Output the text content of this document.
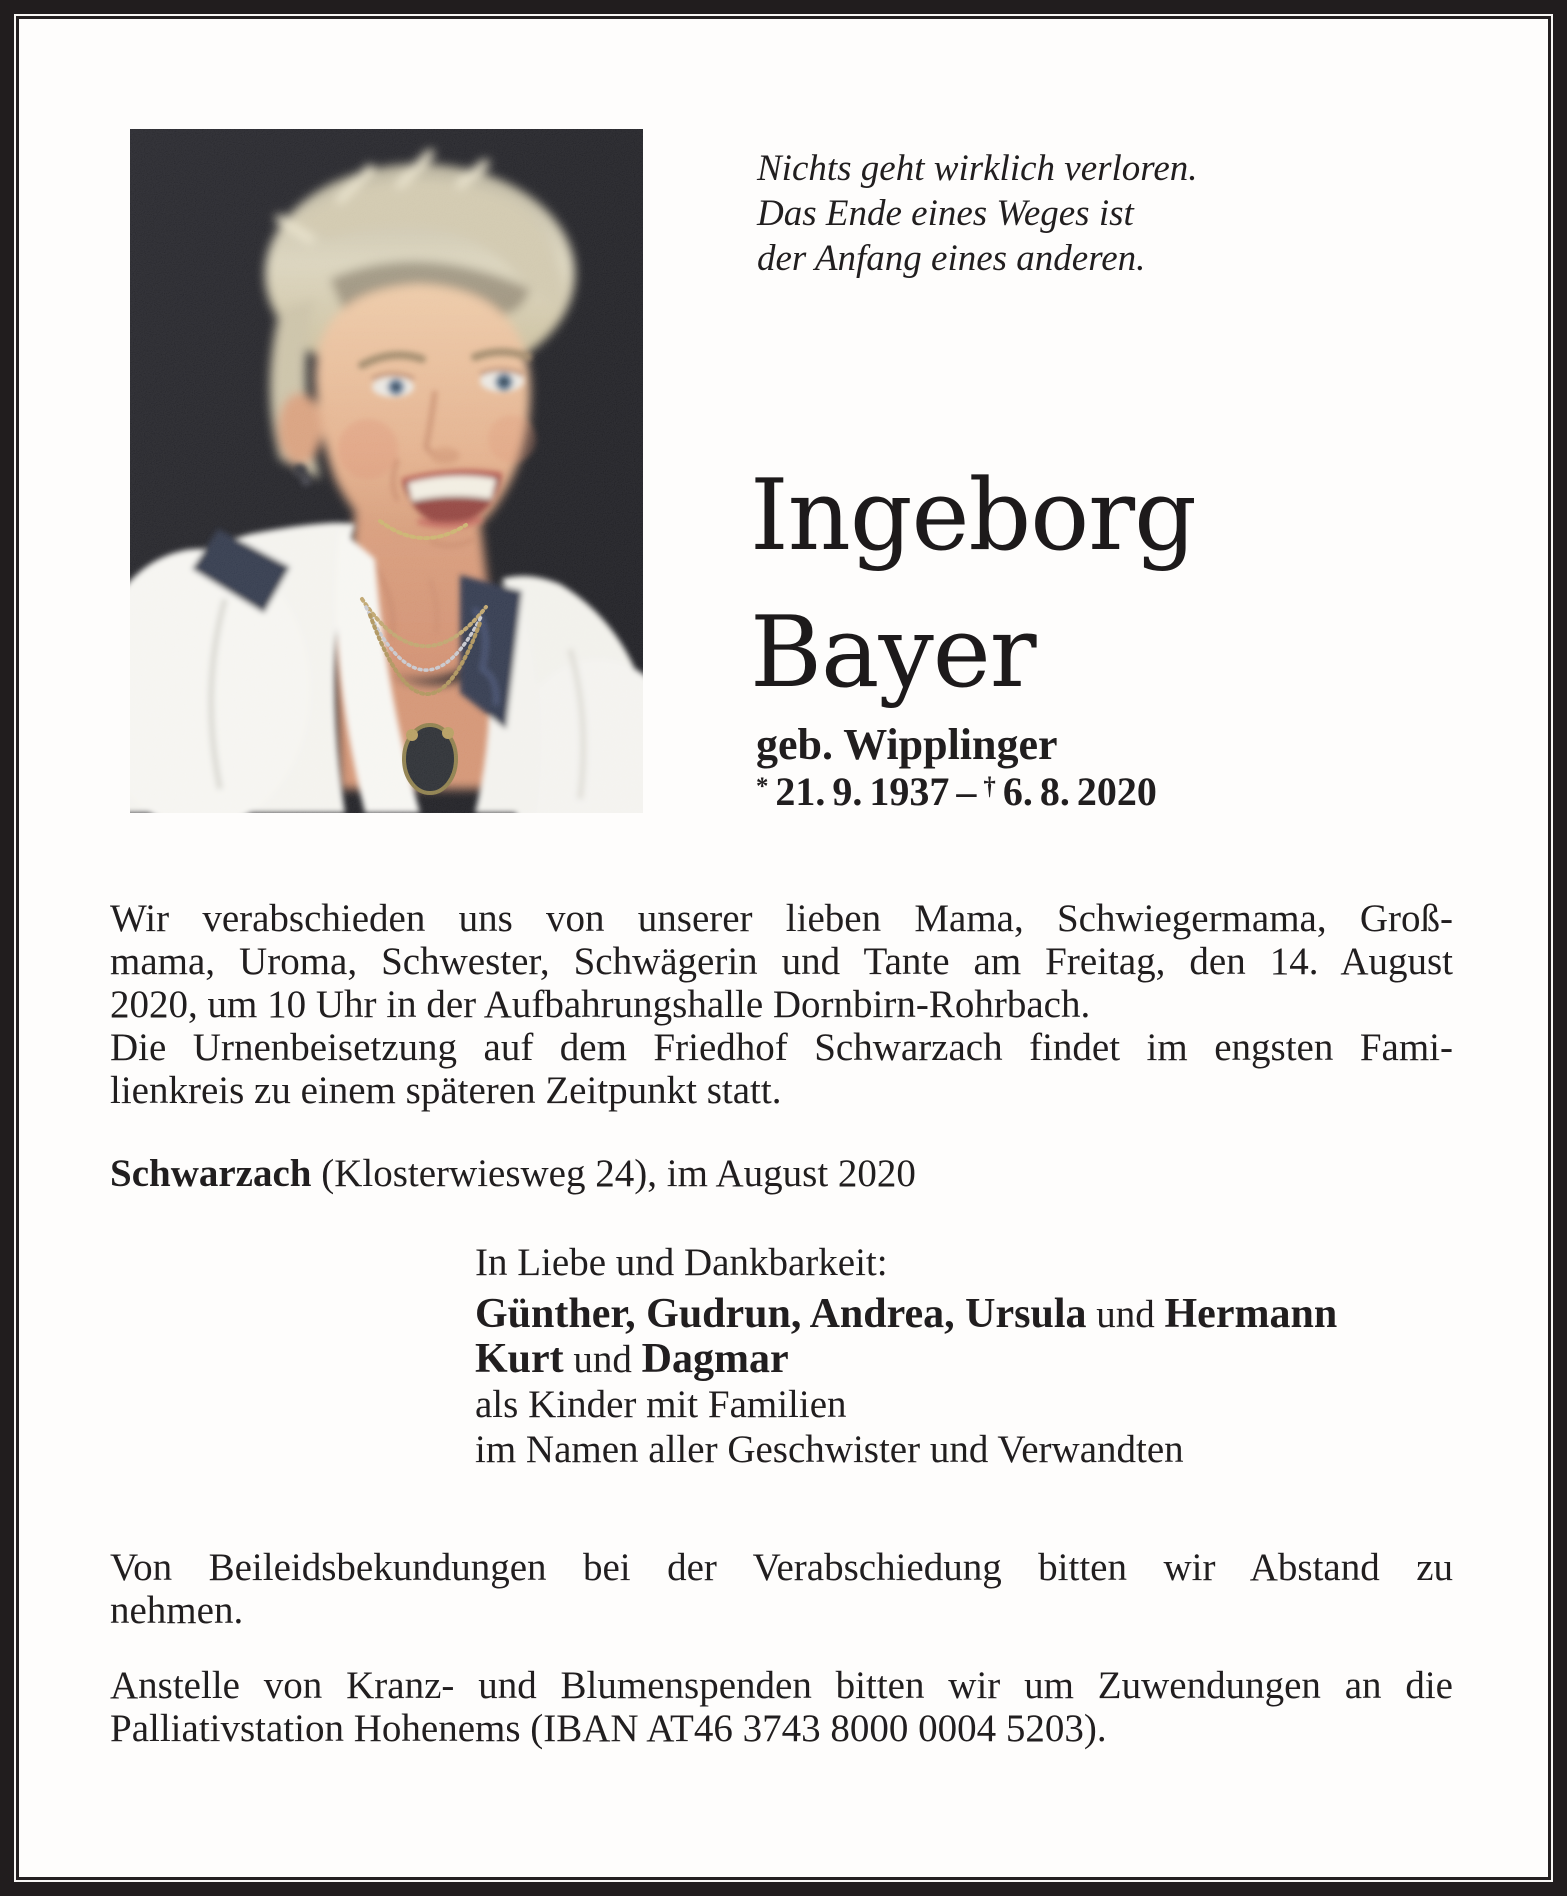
Nichts geht wirklich verloren.
Das Ende eines Weges ist
der Anfang eines anderen.
Ingeborg
Bayer
geb. Wipplinger
* 21. 9. 1937 – † 6. 8. 2020
Wir verabschieden uns von unserer lieben Mama, Schwiegermama, Groß-
mama, Uroma, Schwester, Schwägerin und Tante am Freitag, den 14. August
2020, um 10 Uhr in der Aufbahrungshalle Dornbirn-Rohrbach.
Die Urnenbeisetzung auf dem Friedhof Schwarzach findet im engsten Fami-
lienkreis zu einem späteren Zeitpunkt statt.
Schwarzach (Klosterwiesweg 24), im August 2020
In Liebe und Dankbarkeit:
Günther, Gudrun, Andrea, Ursula und Hermann
Kurt und Dagmar
als Kinder mit Familien
im Namen aller Geschwister und Verwandten
Von Beileidsbekundungen bei der Verabschiedung bitten wir Abstand zu
nehmen.
Anstelle von Kranz- und Blumenspenden bitten wir um Zuwendungen an die
Palliativstation Hohenems (IBAN AT46 3743 8000 0004 5203).
